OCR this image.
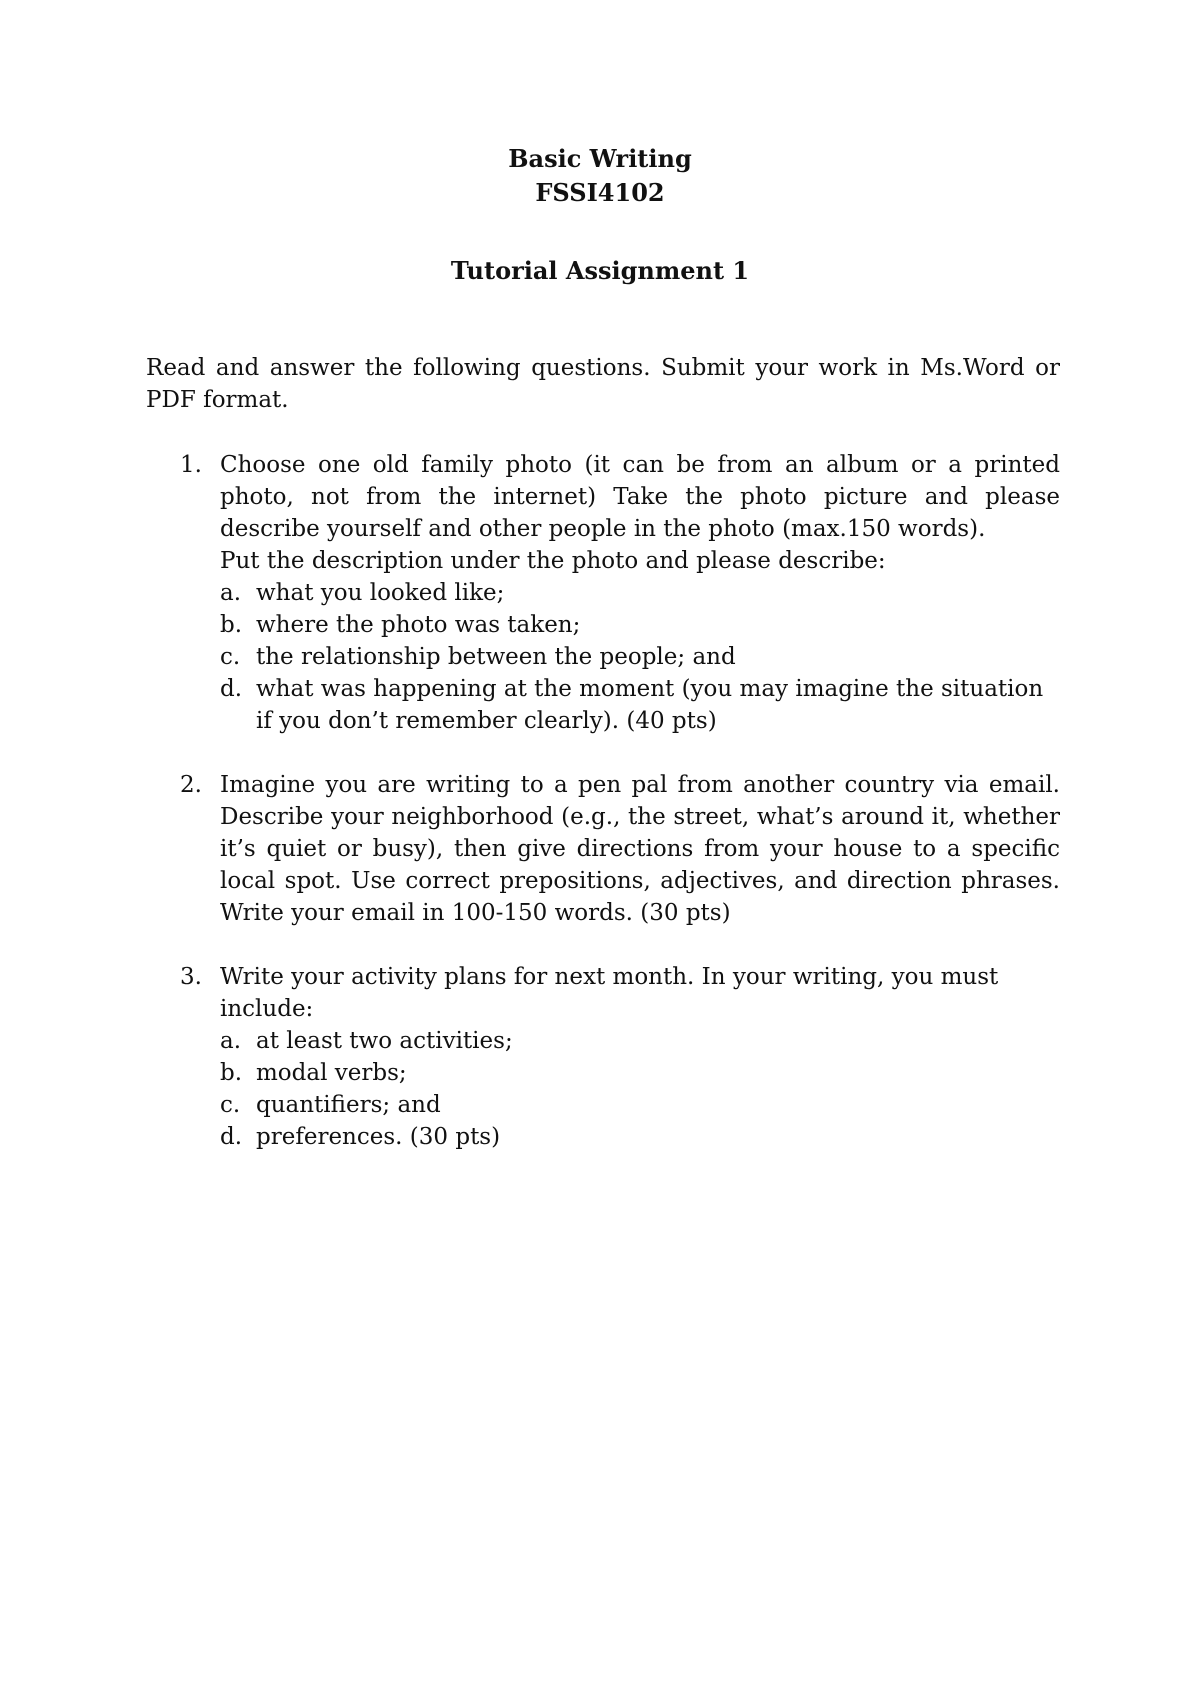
Basic Writing
FSSI4102
Tutorial Assignment 1
Read and answer the following questions. Submit your work in Ms.Word or PDF format.
1. Choose one old family photo (it can be from an album or a printed photo, not from the internet) Take the photo picture and please describe yourself and other people in the photo (max.150 words).
Put the description under the photo and please describe:
a. what you looked like;
b. where the photo was taken;
c. the relationship between the people; and
d. what was happening at the moment (you may imagine the situation if you don’t remember clearly). (40 pts)
2. Imagine you are writing to a pen pal from another country via email. Describe your neighborhood (e.g., the street, what’s around it, whether it’s quiet or busy), then give directions from your house to a specific local spot. Use correct prepositions, adjectives, and direction phrases. Write your email in 100-150 words. (30 pts)
3. Write your activity plans for next month. In your writing, you must include:
a. at least two activities;
b. modal verbs;
c. quantifiers; and
d. preferences. (30 pts)
